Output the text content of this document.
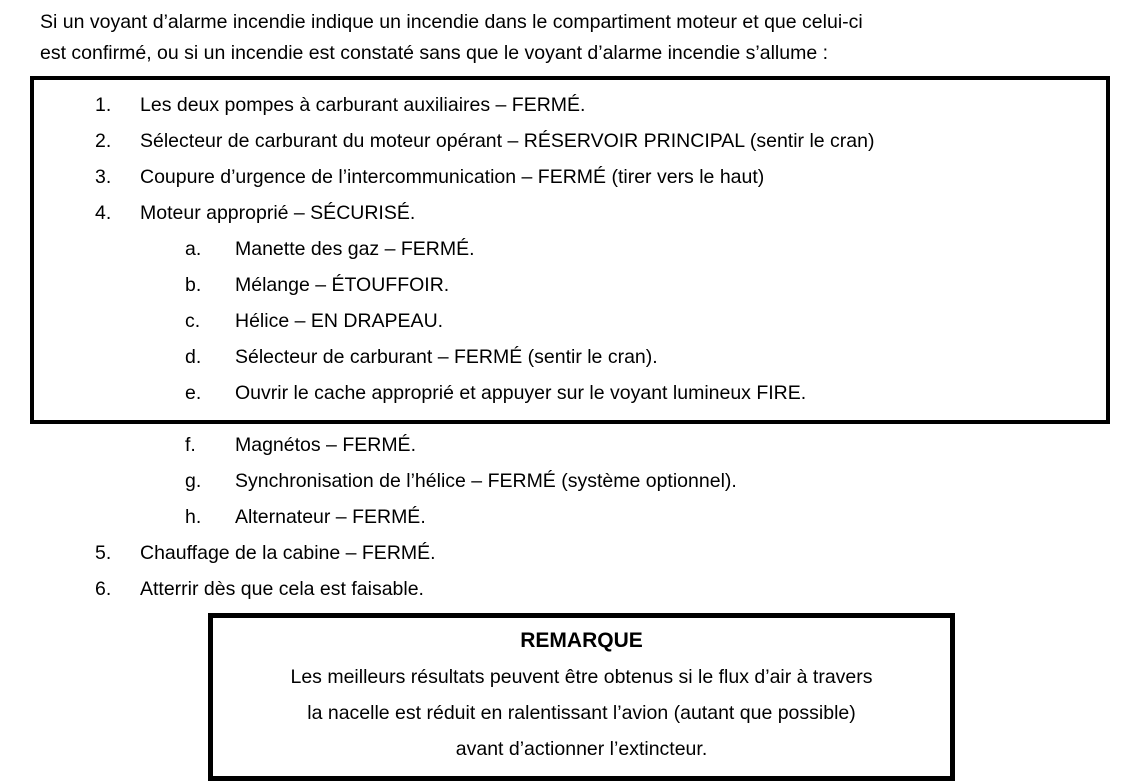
Si un voyant d’alarme incendie indique un incendie dans le compartiment moteur et que celui-ci
est confirmé, ou si un incendie est constaté sans que le voyant d’alarme incendie s’allume :
1.	Les deux pompes à carburant auxiliaires – FERMÉ.
2.	Sélecteur de carburant du moteur opérant – RÉSERVOIR PRINCIPAL (sentir le cran)
3.	Coupure d’urgence de l’intercommunication – FERMÉ (tirer vers le haut)
4.	Moteur approprié – SÉCURISÉ.
a.	Manette des gaz – FERMÉ.
b.	Mélange – ÉTOUFFOIR.
c.	Hélice – EN DRAPEAU.
d.	Sélecteur de carburant – FERMÉ (sentir le cran).
e.	Ouvrir le cache approprié et appuyer sur le voyant lumineux FIRE.
f.	Magnétos – FERMÉ.
g.	Synchronisation de l’hélice – FERMÉ (système optionnel).
h.	Alternateur – FERMÉ.
5.	Chauffage de la cabine – FERMÉ.
6.	Atterrir dès que cela est faisable.
REMARQUE
Les meilleurs résultats peuvent être obtenus si le flux d’air à travers
la nacelle est réduit en ralentissant l’avion (autant que possible)
avant d’actionner l’extincteur.
